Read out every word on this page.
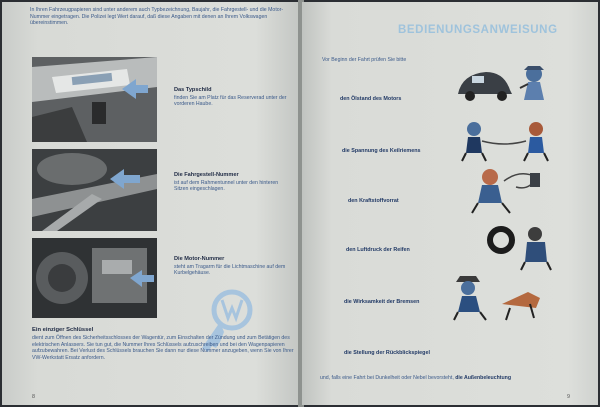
In Ihren Fahrzeugpapieren sind unter anderem auch Typbezeichnung, Baujahr, die Fahrgestell- und die Motor-Nummer eingetragen. Die Polizei legt Wert darauf, daß diese Angaben mit denen an Ihrem Volkswagen übereinstimmen.
Das Typschild
finden Sie am Platz für das Reserverad unter der vorderen Haube.
Die Fahrgestell-Nummer
ist auf dem Rahmentunnel unter den hinteren Sitzen eingeschlagen.
Die Motor-Nummer
steht am Tragarm für die Lichtmaschine auf dem Kurbelgehäuse.
Ein einziger Schlüssel
dient zum Öffnen des Sicherheitsschlosses der Wagentür, zum Einschalten der Zündung und zum Betätigen des elektrischen Anlassers. Sie tun gut, die Nummer Ihres Schlüssels aufzuschreiben und bei den Wagenpapieren aufzubewahren. Bei Verlust des Schlüssels brauchen Sie dann nur diese Nummer anzugeben, wenn Sie von Ihrer VW-Werkstatt Ersatz anfordern.
8
BEDIENUNGSANWEISUNG
Vor Beginn der Fahrt prüfen Sie bitte
den Ölstand des Motors
die Spannung des Keilriemens
den Kraftstoffvorrat
den Luftdruck der Reifen
die Wirksamkeit der Bremsen
die Stellung der Rückblickspiegel
und, falls eine Fahrt bei Dunkelheit oder Nebel bevorsteht, die Außenbeleuchtung
9
